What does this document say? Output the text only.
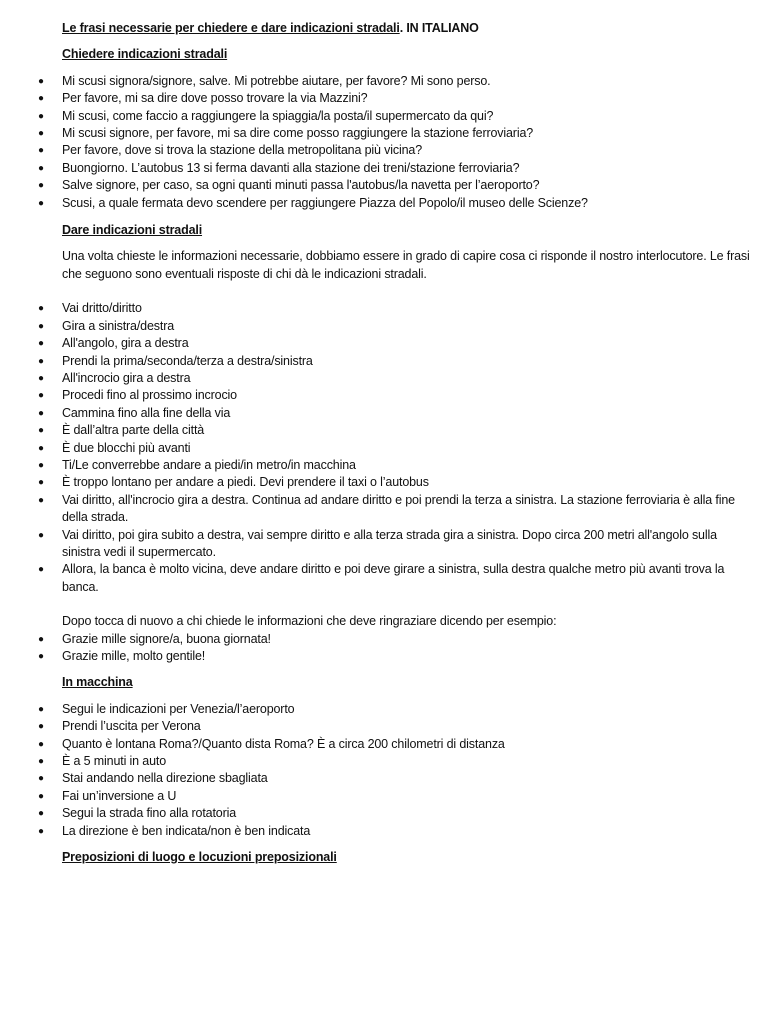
Le frasi necessarie per chiedere e dare indicazioni stradali. IN ITALIANO

Chiedere indicazioni stradali

● Mi scusi signora/signore, salve. Mi potrebbe aiutare, per favore? Mi sono perso.
● Per favore, mi sa dire dove posso trovare la via Mazzini?
● Mi scusi, come faccio a raggiungere la spiaggia/la posta/il supermercato da qui?
● Mi scusi signore, per favore, mi sa dire come posso raggiungere la stazione ferroviaria?
● Per favore, dove si trova la stazione della metropolitana più vicina?
● Buongiorno. L’autobus 13 si ferma davanti alla stazione dei treni/stazione ferroviaria?
● Salve signore, per caso, sa ogni quanti minuti passa l'autobus/la navetta per l’aeroporto?
● Scusi, a quale fermata devo scendere per raggiungere Piazza del Popolo/il museo delle Scienze?

Dare indicazioni stradali

Una volta chieste le informazioni necessarie, dobbiamo essere in grado di capire cosa ci risponde il nostro interlocutore. Le frasi che seguono sono eventuali risposte di chi dà le indicazioni stradali.

● Vai dritto/diritto
● Gira a sinistra/destra
● All'angolo, gira a destra
● Prendi la prima/seconda/terza a destra/sinistra
● All'incrocio gira a destra
● Procedi fino al prossimo incrocio
● Cammina fino alla fine della via
● È dall’altra parte della città
● È due blocchi più avanti
● Ti/Le converrebbe andare a piedi/in metro/in macchina
● È troppo lontano per andare a piedi. Devi prendere il taxi o l’autobus
● Vai diritto, all'incrocio gira a destra. Continua ad andare diritto e poi prendi la terza a sinistra. La stazione ferroviaria è alla fine della strada.
● Vai diritto, poi gira subito a destra, vai sempre diritto e alla terza strada gira a sinistra. Dopo circa 200 metri all'angolo sulla sinistra vedi il supermercato.
● Allora, la banca è molto vicina, deve andare diritto e poi deve girare a sinistra, sulla destra qualche metro più avanti trova la banca.

Dopo tocca di nuovo a chi chiede le informazioni che deve ringraziare dicendo per esempio:

● Grazie mille signore/a, buona giornata!
● Grazie mille, molto gentile!

In macchina

● Segui le indicazioni per Venezia/l’aeroporto
● Prendi l’uscita per Verona
● Quanto è lontana Roma?/Quanto dista Roma? È a circa 200 chilometri di distanza
● È a 5 minuti in auto
● Stai andando nella direzione sbagliata
● Fai un’inversione a U
● Segui la strada fino alla rotatoria
● La direzione è ben indicata/non è ben indicata

Preposizioni di luogo e locuzioni preposizionali
